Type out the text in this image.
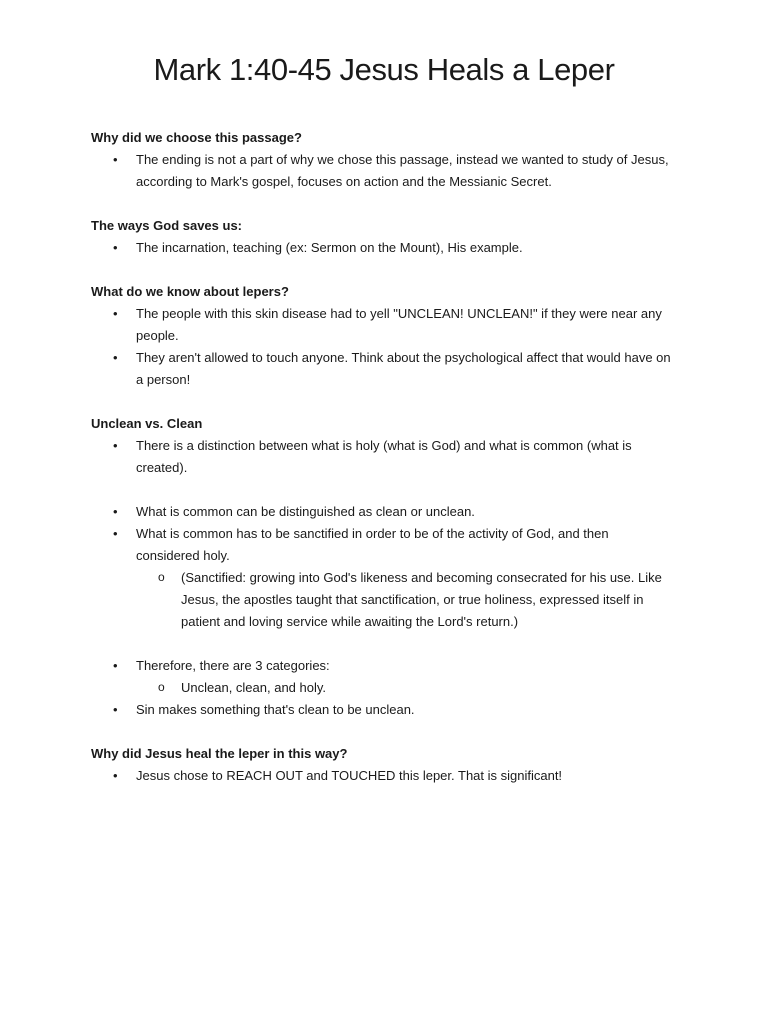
Mark 1:40-45 Jesus Heals a Leper

Why did we choose this passage?

• The ending is not a part of why we chose this passage, instead we wanted to study of Jesus, according to Mark's gospel, focuses on action and the Messianic Secret.

The ways God saves us:

• The incarnation, teaching (ex: Sermon on the Mount), His example.

What do we know about lepers?

• The people with this skin disease had to yell "UNCLEAN! UNCLEAN!" if they were near any people.
• They aren't allowed to touch anyone. Think about the psychological affect that would have on a person!

Unclean vs. Clean

• There is a distinction between what is holy (what is God) and what is common (what is created).
• What is common can be distinguished as clean or unclean.
• What is common has to be sanctified in order to be of the activity of God, and then considered holy.
o (Sanctified: growing into God's likeness and becoming consecrated for his use. Like Jesus, the apostles taught that sanctification, or true holiness, expressed itself in patient and loving service while awaiting the Lord's return.)
• Therefore, there are 3 categories:
o Unclean, clean, and holy.
• Sin makes something that's clean to be unclean.

Why did Jesus heal the leper in this way?

• Jesus chose to REACH OUT and TOUCHED this leper. That is significant!
